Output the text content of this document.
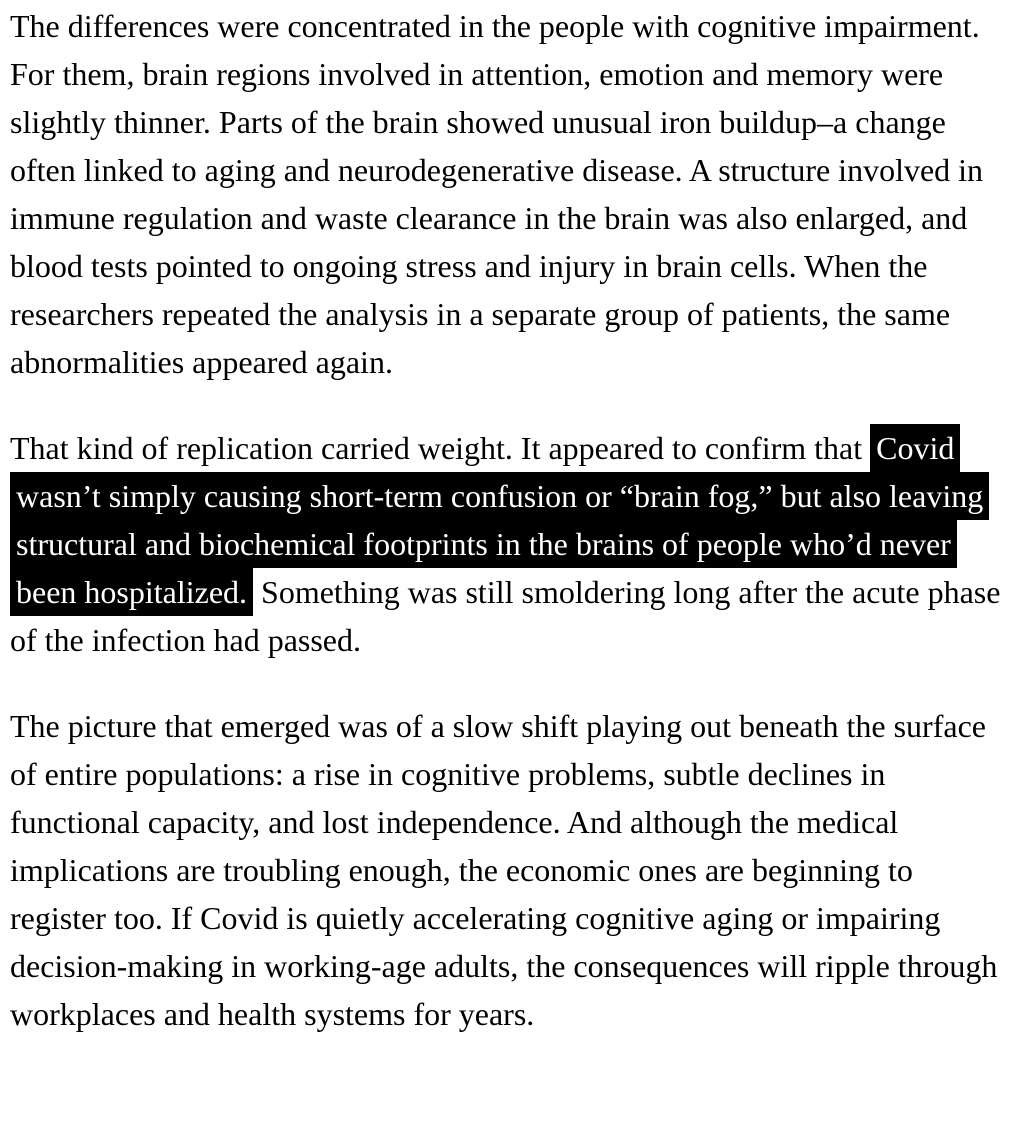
The differences were concentrated in the people with cognitive impairment. For them, brain regions involved in attention, emotion and memory were slightly thinner. Parts of the brain showed unusual iron buildup–a change often linked to aging and neurodegenerative disease. A structure involved in immune regulation and waste clearance in the brain was also enlarged, and blood tests pointed to ongoing stress and injury in brain cells. When the researchers repeated the analysis in a separate group of patients, the same abnormalities appeared again.

That kind of replication carried weight. It appeared to confirm that Covid wasn’t simply causing short-term confusion or “brain fog,” but also leaving structural and biochemical footprints in the brains of people who’d never been hospitalized. Something was still smoldering long after the acute phase of the infection had passed.

The picture that emerged was of a slow shift playing out beneath the surface of entire populations: a rise in cognitive problems, subtle declines in functional capacity, and lost independence. And although the medical implications are troubling enough, the economic ones are beginning to register too. If Covid is quietly accelerating cognitive aging or impairing decision-making in working-age adults, the consequences will ripple through workplaces and health systems for years.
